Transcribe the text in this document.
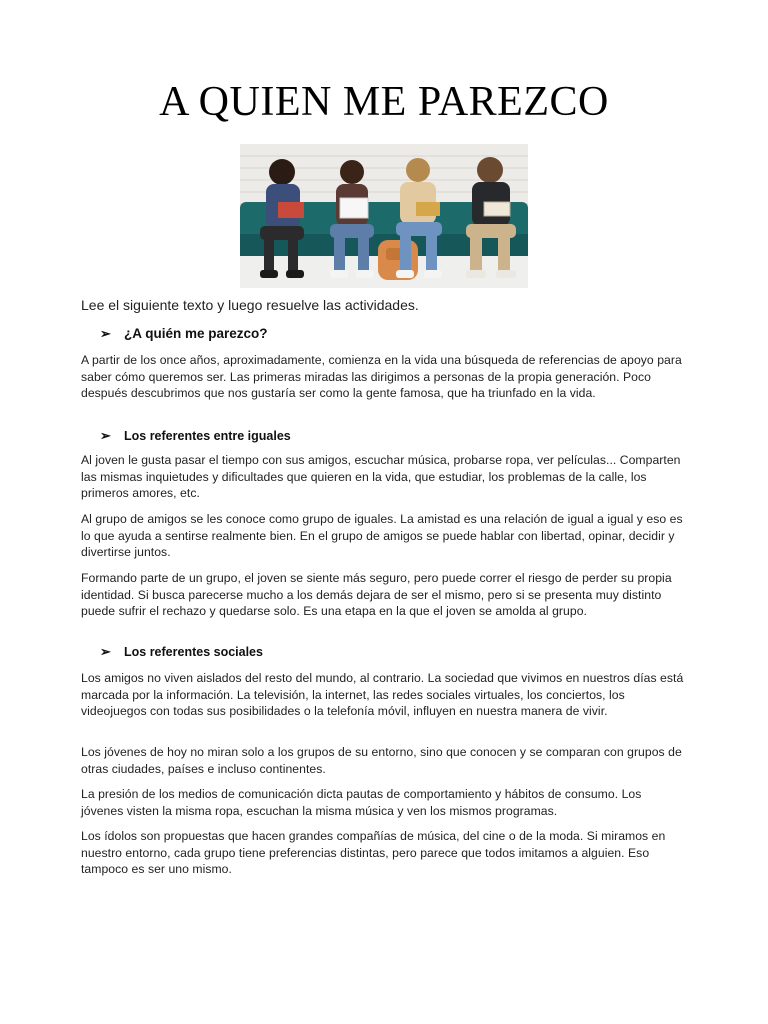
A QUIEN ME PAREZCO

Lee el siguiente texto y luego resuelve las actividades.

➢ ¿A quién me parezco?

A partir de los once años, aproximadamente, comienza en la vida una búsqueda de referencias de apoyo para saber cómo queremos ser. Las primeras miradas las dirigimos a personas de la propia generación. Poco después descubrimos que nos gustaría ser como la gente famosa, que ha triunfado en la vida.

➢ Los referentes entre iguales

Al joven le gusta pasar el tiempo con sus amigos, escuchar música, probarse ropa, ver películas... Comparten las mismas inquietudes y dificultades que quieren en la vida, que estudiar, los problemas de la calle, los primeros amores, etc.

Al grupo de amigos se les conoce como grupo de iguales. La amistad es una relación de igual a igual y eso es lo que ayuda a sentirse realmente bien. En el grupo de amigos se puede hablar con libertad, opinar, decidir y divertirse juntos.

Formando parte de un grupo, el joven se siente más seguro, pero puede correr el riesgo de perder su propia identidad. Si busca parecerse mucho a los demás dejara de ser el mismo, pero si se presenta muy distinto puede sufrir el rechazo y quedarse solo. Es una etapa en la que el joven se amolda al grupo.

➢ Los referentes sociales

Los amigos no viven aislados del resto del mundo, al contrario. La sociedad que vivimos en nuestros días está marcada por la información. La televisión, la internet, las redes sociales virtuales, los conciertos, los videojuegos con todas sus posibilidades o la telefonía móvil, influyen en nuestra manera de vivir.

Los jóvenes de hoy no miran solo a los grupos de su entorno, sino que conocen y se comparan con grupos de otras ciudades, países e incluso continentes.

La presión de los medios de comunicación dicta pautas de comportamiento y hábitos de consumo. Los jóvenes visten la misma ropa, escuchan la misma música y ven los mismos programas.

Los ídolos son propuestas que hacen grandes compañías de música, del cine o de la moda. Si miramos en nuestro entorno, cada grupo tiene preferencias distintas, pero parece que todos imitamos a alguien. Eso tampoco es ser uno mismo.
